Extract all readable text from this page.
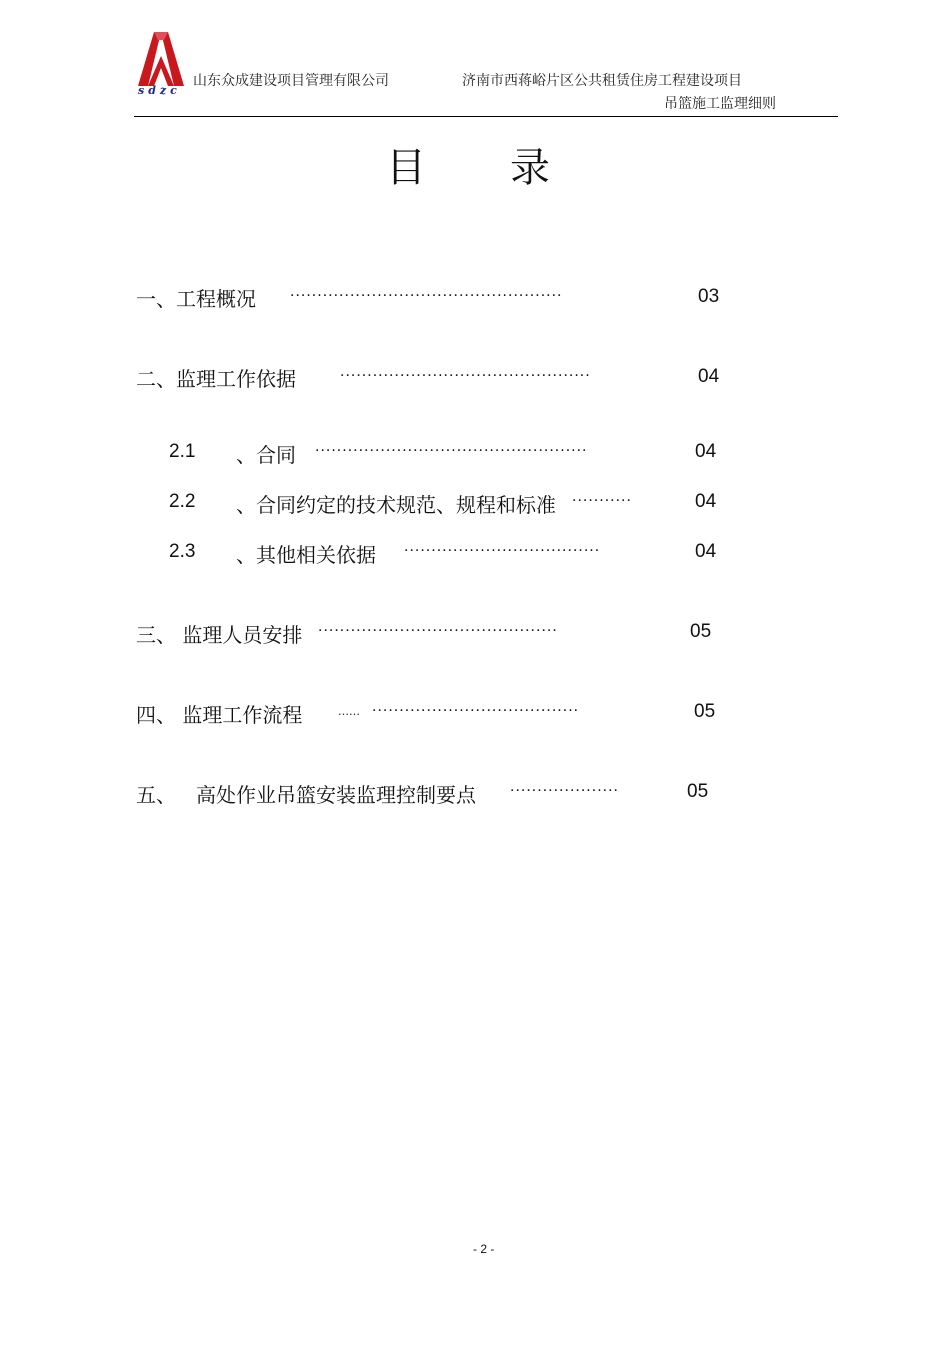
sdzc
山东众成建设项目管理有限公司	济南市西蒋峪片区公共租赁住房工程建设项目
吊篮施工监理细则
目 录
一、工程概况 ··················································	03
二、监理工作依据	··············································	04
2.1 、合同 ··················································	04
2.2 、合同约定的技术规范、规程和标准 ···········	04
2.3 、其他相关依据 ····································	04
三、 监理人员安排 ············································	05
四、 监理工作流程	…… ······································	05
五、 高处作业吊篮安装监理控制要点 ····················	05
- 2 -
